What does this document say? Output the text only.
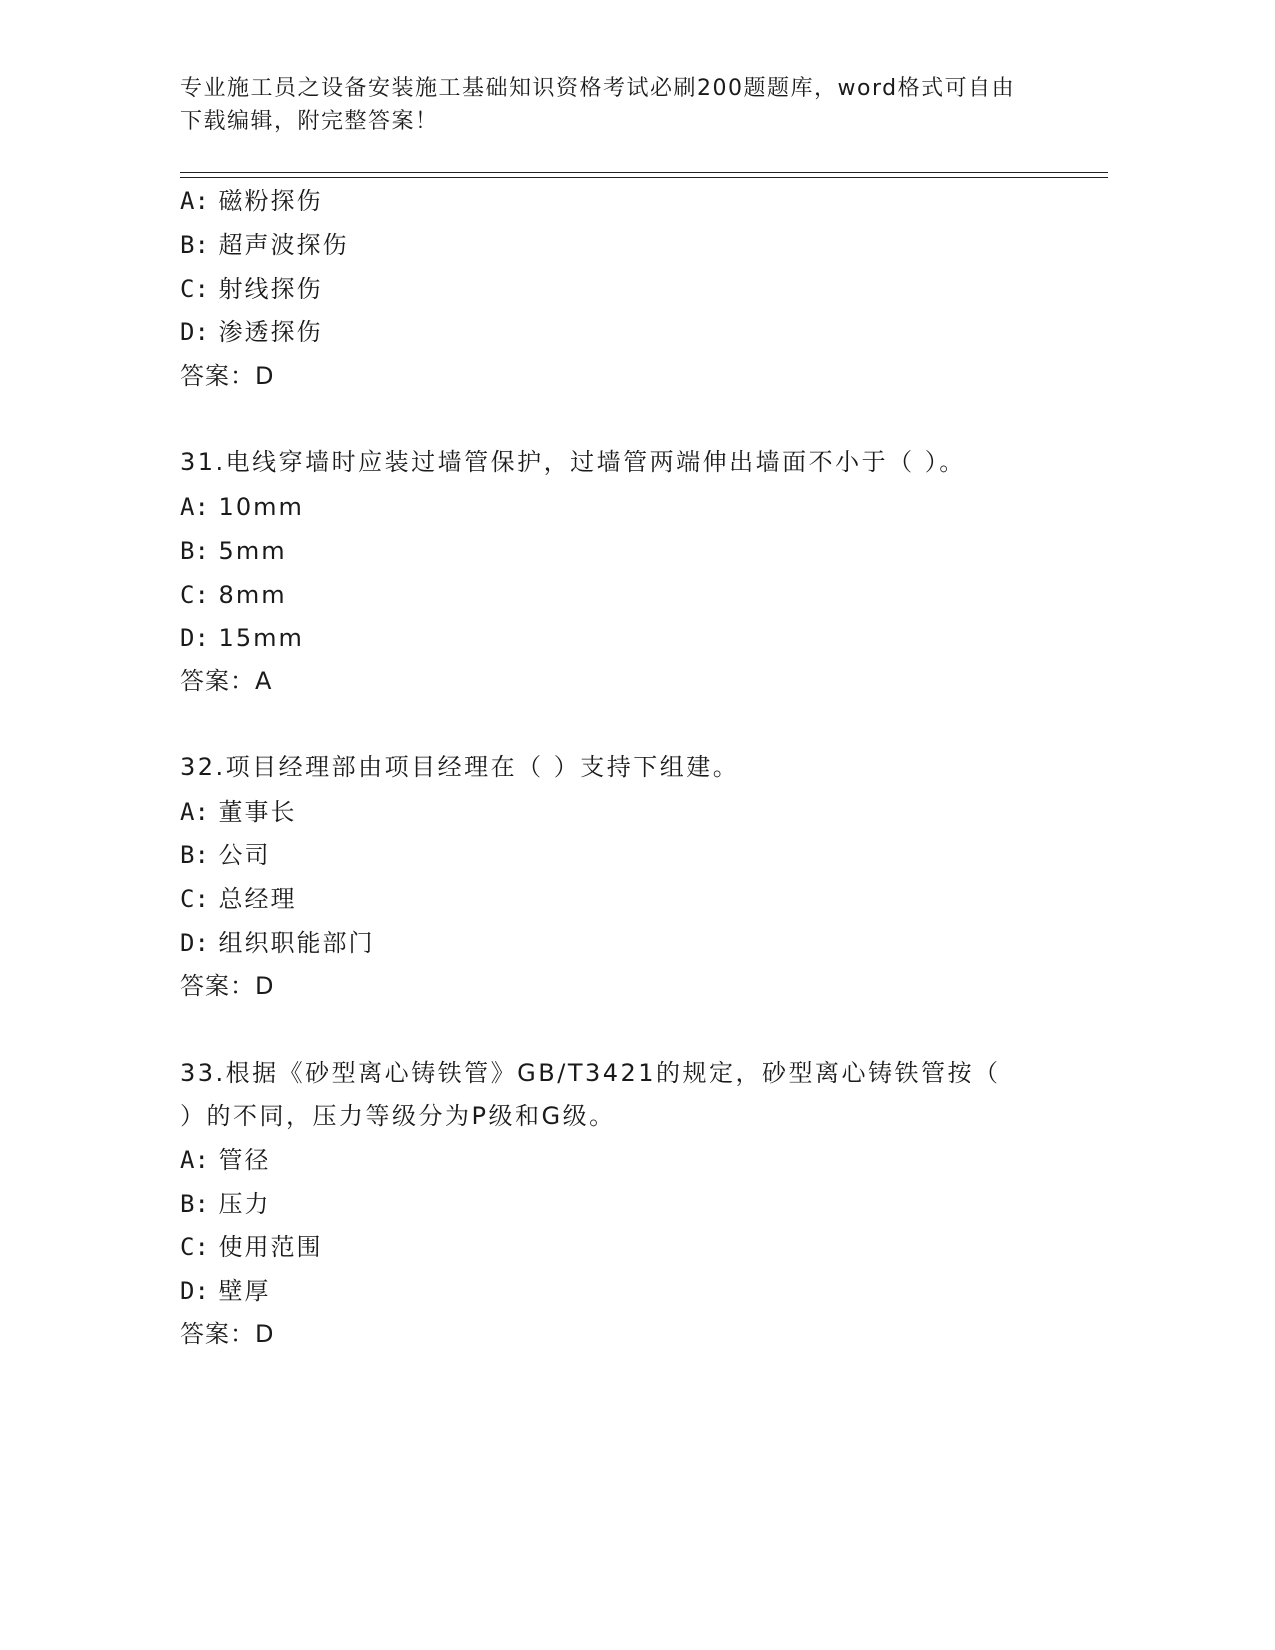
专业施工员之设备安装施工基础知识资格考试必刷200题题库，word格式可自由
下载编辑，附完整答案！
A: 磁粉探伤
B: 超声波探伤
C: 射线探伤
D: 渗透探伤
答案：D
31.电线穿墙时应装过墙管保护，过墙管两端伸出墙面不小于（ ）。
A: 10mm
B: 5mm
C: 8mm
D: 15mm
答案：A
32.项目经理部由项目经理在（ ）支持下组建。
A: 董事长
B: 公司
C: 总经理
D: 组织职能部门
答案：D
33.根据《砂型离心铸铁管》GB/T3421的规定，砂型离心铸铁管按（
）的不同，压力等级分为P级和G级。
A: 管径
B: 压力
C: 使用范围
D: 壁厚
答案：D
